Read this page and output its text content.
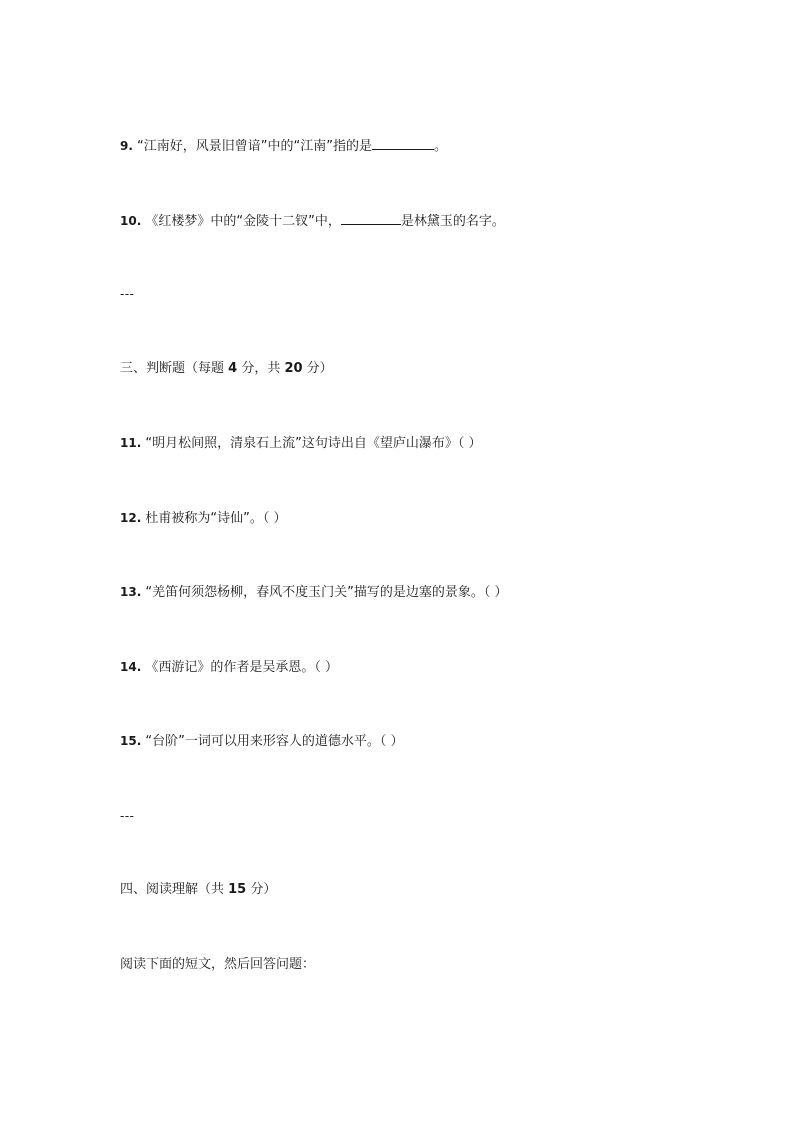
9. “江南好，风景旧曾谙”中的“江南”指的是	。
10. 《红楼梦》中的“金陵十二钗”中，	是林黛玉的名字。
---
三、判断题（每题 4 分，共 20 分）
11. “明月松间照，清泉石上流”这句诗出自《望庐山瀑布》（ ）
12. 杜甫被称为“诗仙”。（ ）
13. “羌笛何须怨杨柳，春风不度玉门关”描写的是边塞的景象。（ ）
14. 《西游记》的作者是吴承恩。（ ）
15. “台阶”一词可以用来形容人的道德水平。（ ）
---
四、阅读理解（共 15 分）
阅读下面的短文，然后回答问题：
